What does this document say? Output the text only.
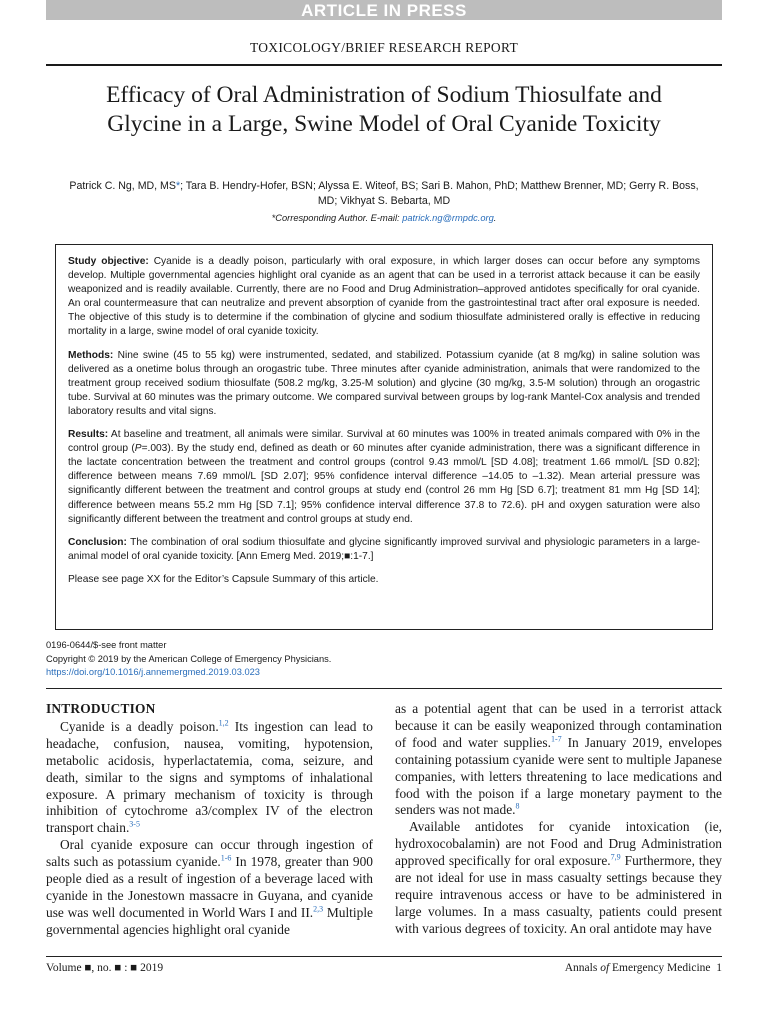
ARTICLE IN PRESS
TOXICOLOGY/BRIEF RESEARCH REPORT
Efficacy of Oral Administration of Sodium Thiosulfate and Glycine in a Large, Swine Model of Oral Cyanide Toxicity
Patrick C. Ng, MD, MS*; Tara B. Hendry-Hofer, BSN; Alyssa E. Witeof, BS; Sari B. Mahon, PhD; Matthew Brenner, MD; Gerry R. Boss, MD; Vikhyat S. Bebarta, MD
*Corresponding Author. E-mail: patrick.ng@rmpdc.org.

Study objective: Cyanide is a deadly poison, particularly with oral exposure, in which larger doses can occur before any symptoms develop. Multiple governmental agencies highlight oral cyanide as an agent that can be used in a terrorist attack because it can be easily weaponized and is readily available. Currently, there are no Food and Drug Administration–approved antidotes specifically for oral cyanide. An oral countermeasure that can neutralize and prevent absorption of cyanide from the gastrointestinal tract after oral exposure is needed. The objective of this study is to determine if the combination of glycine and sodium thiosulfate administered orally is effective in reducing mortality in a large, swine model of oral cyanide toxicity.

Methods: Nine swine (45 to 55 kg) were instrumented, sedated, and stabilized. Potassium cyanide (at 8 mg/kg) in saline solution was delivered as a onetime bolus through an orogastric tube. Three minutes after cyanide administration, animals that were randomized to the treatment group received sodium thiosulfate (508.2 mg/kg, 3.25-M solution) and glycine (30 mg/kg, 3.5-M solution) through an orogastric tube. Survival at 60 minutes was the primary outcome. We compared survival between groups by log-rank Mantel-Cox analysis and trended laboratory results and vital signs.

Results: At baseline and treatment, all animals were similar. Survival at 60 minutes was 100% in treated animals compared with 0% in the control group (P=.003). By the study end, defined as death or 60 minutes after cyanide administration, there was a significant difference in the lactate concentration between the treatment and control groups (control 9.43 mmol/L [SD 4.08]; treatment 1.66 mmol/L [SD 0.82]; difference between means 7.69 mmol/L [SD 2.07]; 95% confidence interval difference –14.05 to –1.32). Mean arterial pressure was significantly different between the treatment and control groups at study end (control 26 mm Hg [SD 6.7]; treatment 81 mm Hg [SD 14]; difference between means 55.2 mm Hg [SD 7.1]; 95% confidence interval difference 37.8 to 72.6). pH and oxygen saturation were also significantly different between the treatment and control groups at study end.

Conclusion: The combination of oral sodium thiosulfate and glycine significantly improved survival and physiologic parameters in a large-animal model of oral cyanide toxicity. [Ann Emerg Med. 2019;■:1-7.]

Please see page XX for the Editor’s Capsule Summary of this article.

0196-0644/$-see front matter
Copyright © 2019 by the American College of Emergency Physicians.
https://doi.org/10.1016/j.annemergmed.2019.03.023
INTRODUCTION

Cyanide is a deadly poison.$^{1,2}$ Its ingestion can lead to headache, confusion, nausea, vomiting, hypotension, metabolic acidosis, hyperlactatemia, coma, seizure, and death, similar to the signs and symptoms of inhalational exposure. A primary mechanism of toxicity is through inhibition of cytochrome a3/complex IV of the electron transport chain.$^{3-5}$

Oral cyanide exposure can occur through ingestion of salts such as potassium cyanide.$^{1-6}$ In 1978, greater than 900 people died as a result of ingestion of a beverage laced with cyanide in the Jonestown massacre in Guyana, and cyanide use was well documented in World Wars I and II.$^{2,3}$ Multiple governmental agencies highlight oral cyanide

as a potential agent that can be used in a terrorist attack because it can be easily weaponized through contamination of food and water supplies.$^{1-7}$ In January 2019, envelopes containing potassium cyanide were sent to multiple Japanese companies, with letters threatening to lace medications and food with the poison if a large monetary payment to the senders was not made.$^8$

Available antidotes for cyanide intoxication (ie, hydroxocobalamin) are not Food and Drug Administration approved specifically for oral exposure.$^{7,9}$ Furthermore, they are not ideal for use in mass casualty settings because they require intravenous access or have to be administered in large volumes. In a mass casualty, patients could present with various degrees of toxicity. An oral antidote may have

Volume ■, no. ■ : ■ 2019	Annals of Emergency Medicine 1
